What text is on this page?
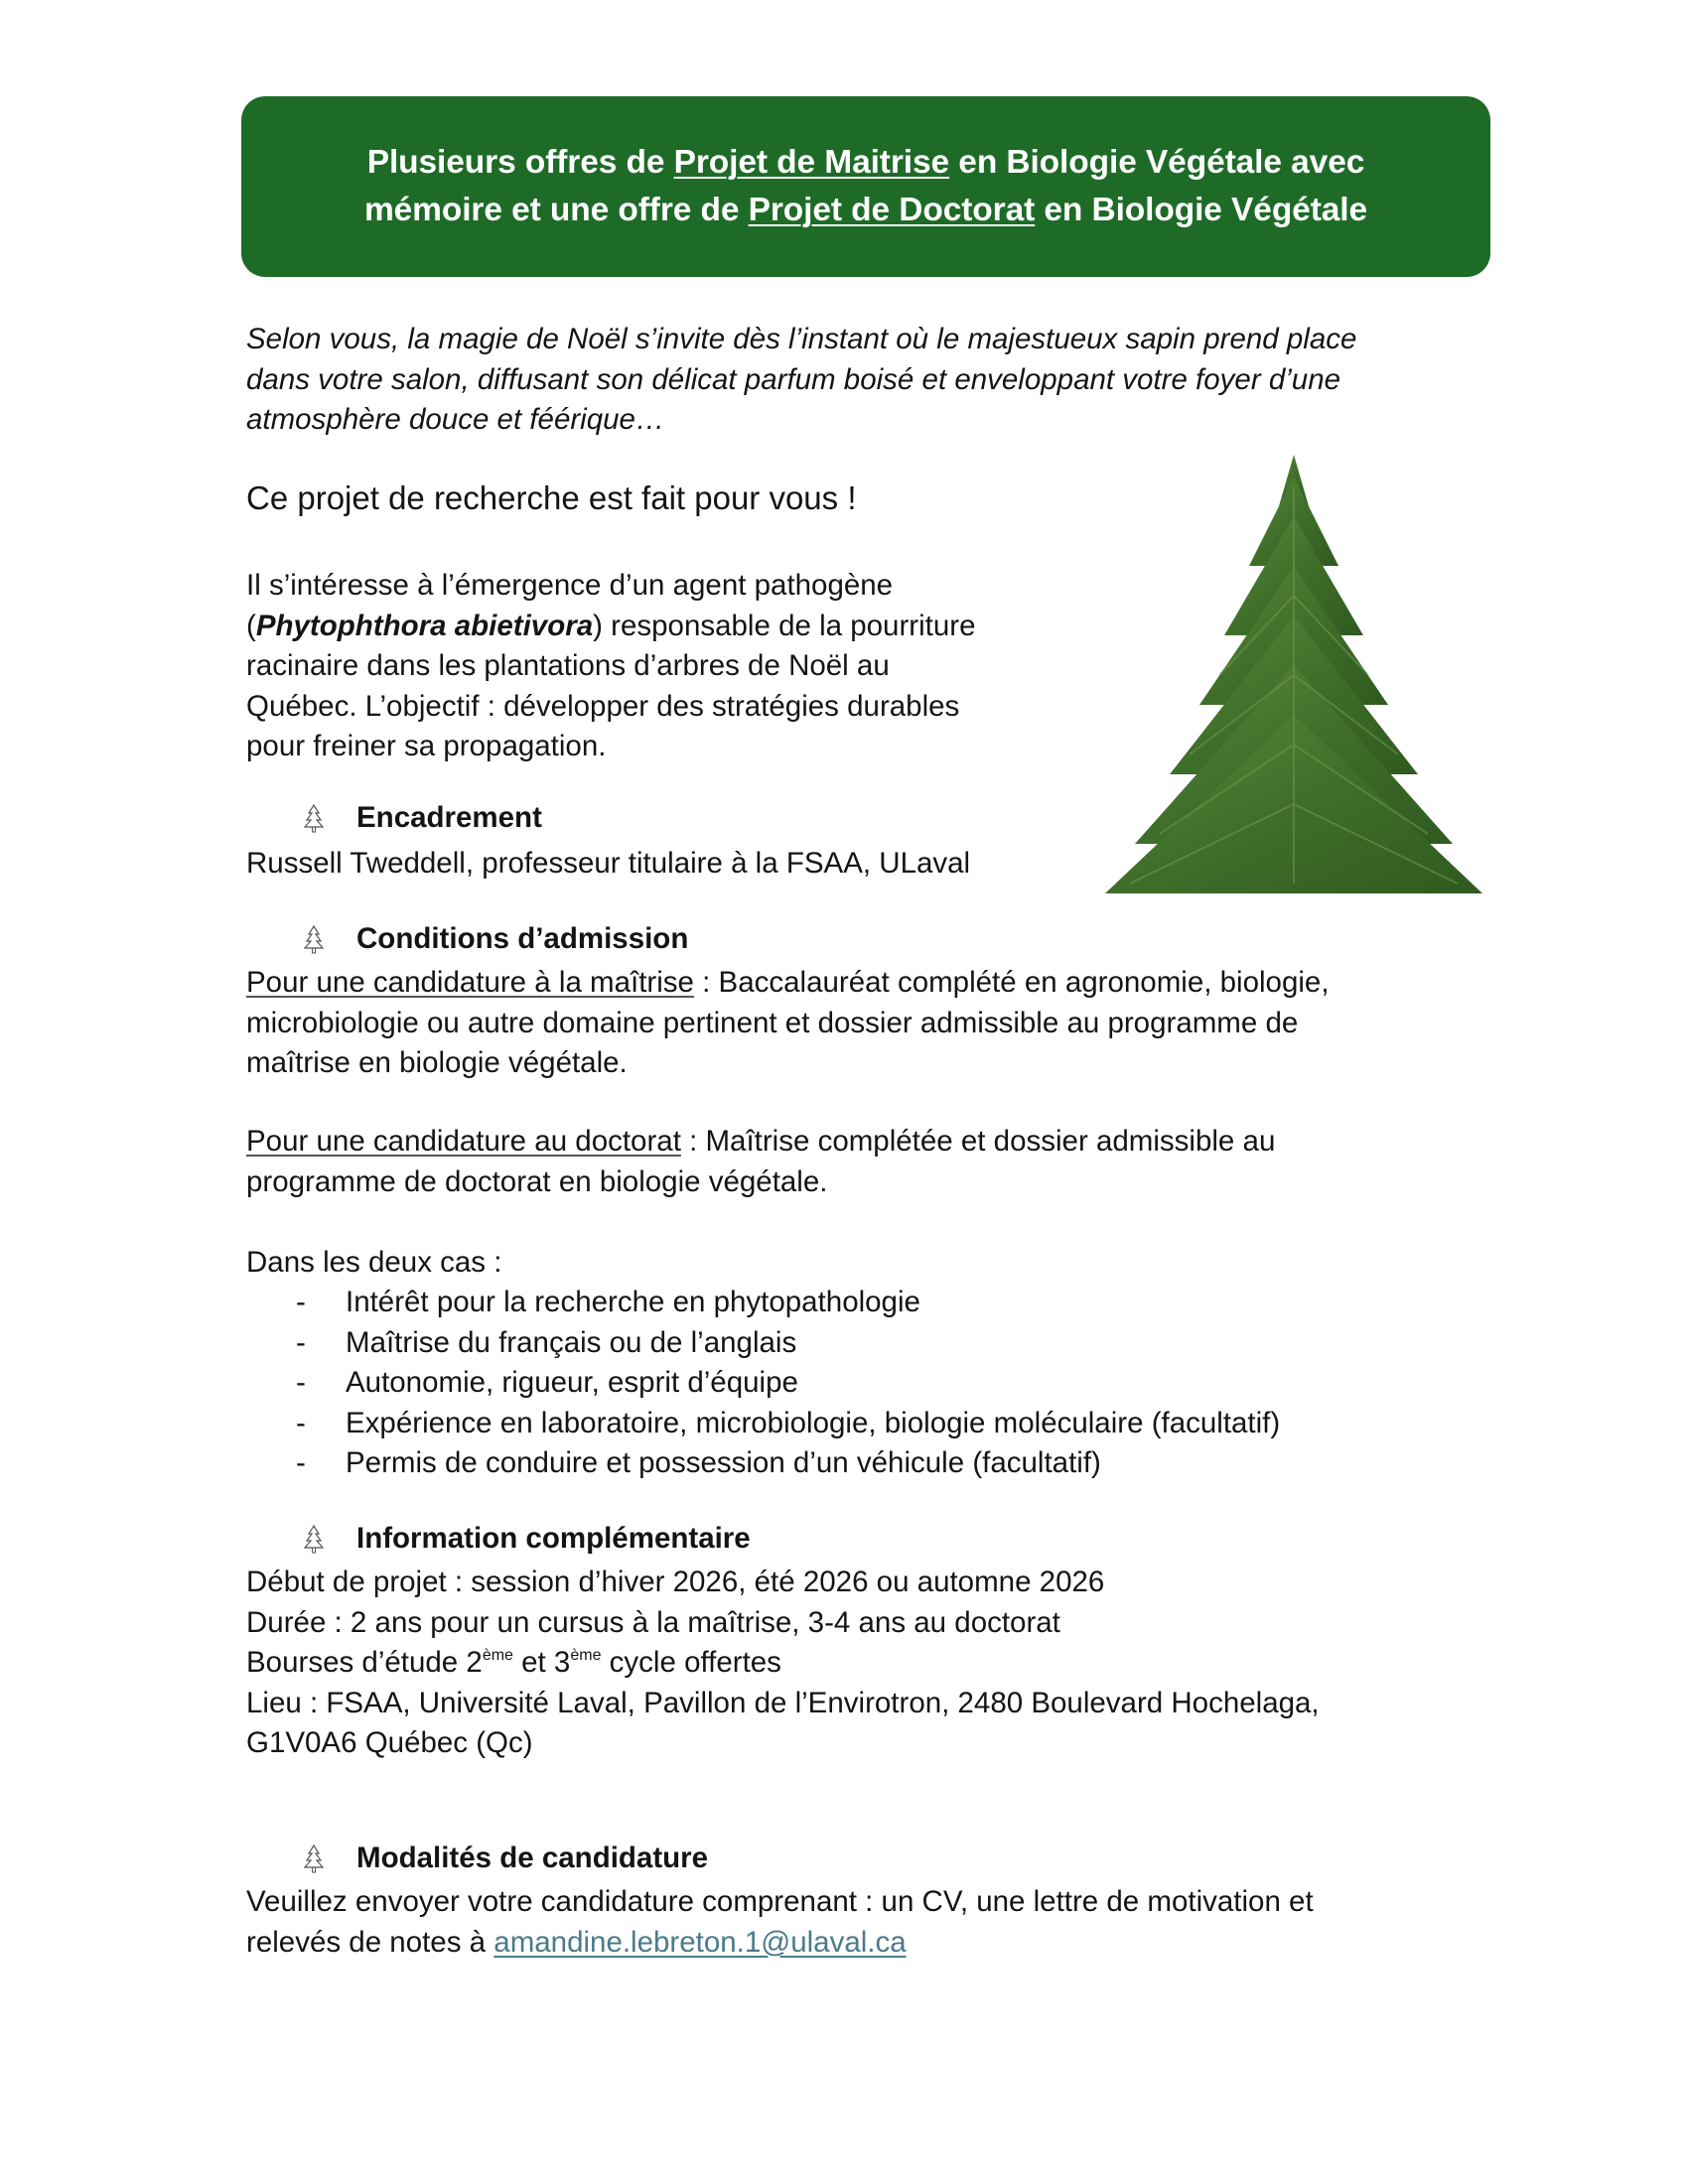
Plusieurs offres de Projet de Maitrise en Biologie Végétale avec
mémoire et une offre de Projet de Doctorat en Biologie Végétale

Selon vous, la magie de Noël s’invite dès l’instant où le majestueux sapin prend place
dans votre salon, diffusant son délicat parfum boisé et enveloppant votre foyer d’une
atmosphère douce et féérique…

Ce projet de recherche est fait pour vous !

Il s’intéresse à l’émergence d’un agent pathogène
(Phytophthora abietivora) responsable de la pourriture
racinaire dans les plantations d’arbres de Noël au
Québec. L’objectif : développer des stratégies durables
pour freiner sa propagation.

Encadrement

Russell Tweddell, professeur titulaire à la FSAA, ULaval

Conditions d’admission

Pour une candidature à la maîtrise : Baccalauréat complété en agronomie, biologie,
microbiologie ou autre domaine pertinent et dossier admissible au programme de
maîtrise en biologie végétale.

Pour une candidature au doctorat : Maîtrise complétée et dossier admissible au
programme de doctorat en biologie végétale.

Dans les deux cas :

-	Intérêt pour la recherche en phytopathologie
-	Maîtrise du français ou de l’anglais
-	Autonomie, rigueur, esprit d’équipe
-	Expérience en laboratoire, microbiologie, biologie moléculaire (facultatif)
-	Permis de conduire et possession d’un véhicule (facultatif)
Information complémentaire

Début de projet : session d’hiver 2026, été 2026 ou automne 2026
Durée : 2 ans pour un cursus à la maîtrise, 3-4 ans au doctorat
Bourses d’étude 2ème et 3ème cycle offertes
Lieu : FSAA, Université Laval, Pavillon de l’Envirotron, 2480 Boulevard Hochelaga,
G1V0A6 Québec (Qc)

Modalités de candidature

Veuillez envoyer votre candidature comprenant : un CV, une lettre de motivation et
relevés de notes à amandine.lebreton.1@ulaval.ca
